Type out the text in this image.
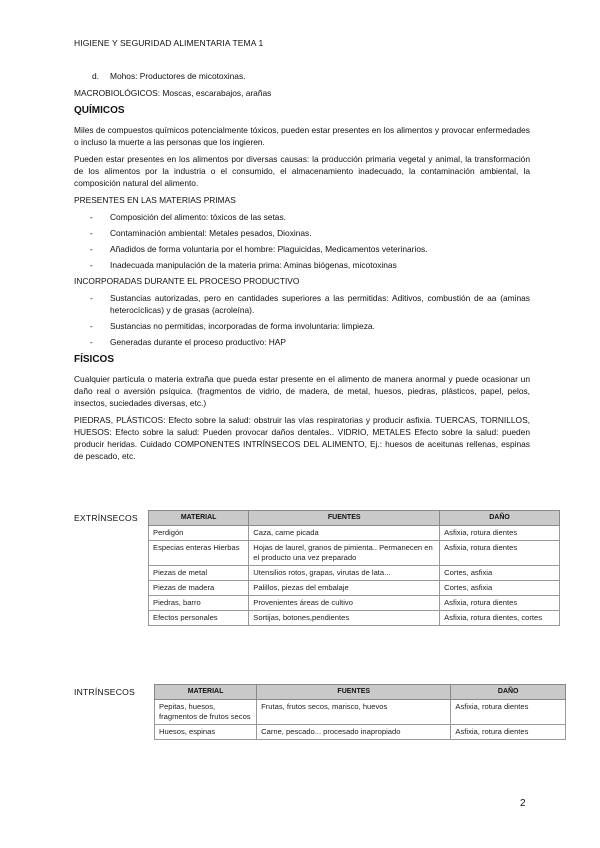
HIGIENE Y SEGURIDAD ALIMENTARIA TEMA 1
d. Mohos: Productores de micotoxinas.

MACROBIOLÓGICOS: Moscas, escarabajos, arañas

QUÍMICOS

Miles de compuestos químicos potencialmente tóxicos, pueden estar presentes en los alimentos y provocar enfermedades o incluso la muerte a las personas que los ingieren.

Pueden estar presentes en los alimentos por diversas causas: la producción primaria vegetal y animal, la transformación de los alimentos por la industria o el consumido, el almacenamiento inadecuado, la contaminación ambiental, la composición natural del alimento.

PRESENTES EN LAS MATERIAS PRIMAS

- Composición del alimento: tóxicos de las setas.
- Contaminación ambiental: Metales pesados, Dioxinas.
- Añadidos de forma voluntaria por el hombre: Plaguicidas, Medicamentos veterinarios.
- Inadecuada manipulación de la materia prima: Aminas biógenas, micotoxinas

INCORPORADAS DURANTE EL PROCESO PRODUCTIVO

- Sustancias autorizadas, pero en cantidades superiores a las permitidas: Aditivos, combustión de aa (aminas heterocíclicas) y de grasas (acroleína).
- Sustancias no permitidas, incorporadas de forma involuntaria: limpieza.
- Generadas durante el proceso productivo: HAP
FÍSICOS

Cualquier partícula o materia extraña que pueda estar presente en el alimento de manera anormal y puede ocasionar un daño real o aversión psíquica. (fragmentos de vidrio, de madera, de metal, huesos, piedras, plásticos, papel, pelos, insectos, suciedades diversas, etc.)

PIEDRAS, PLÁSTICOS: Efecto sobre la salud: obstruir las vías respiratorias y producir asfixia. TUERCAS, TORNILLOS, HUESOS: Efecto sobre la salud: Pueden provocar daños dentales.. VIDRIO, METALES Efecto sobre la salud: pueden producir heridas. Cuidado COMPONENTES INTRÍNSECOS DEL ALIMENTO, Ej.: huesos de aceitunas rellenas, espinas de pescado, etc.

EXTRÍNSECOS	MATERIAL	FUENTES	DAÑO
Perdigón	Caza, carne picada	Asfixia, rotura dientes
Especias enteras Hierbas	Hojas de laurel, granos de pimienta.. Permanecen en el producto una vez preparado	Asfixia, rotura dientes
Piezas de metal	Utensilios rotos, grapas, virutas de lata...	Cortes, asfixia
Piezas de madera	Palillos, piezas del embalaje	Cortes, asfixia
Piedras, barro	Provenientes áreas de cultivo	Asfixia, rotura dientes
Efectos personales	Sortijas, botones,pendientes	Asfixia, rotura dientes, cortes
INTRÍNSECOS	MATERIAL	FUENTES	DAÑO
Pepitas, huesos, fragmentos de frutos secos	Frutas, frutos secos, marisco, huevos	Asfixia, rotura dientes
Huesos, espinas	Carne, pescado... procesado inapropiado	Asfixia, rotura dientes
2
